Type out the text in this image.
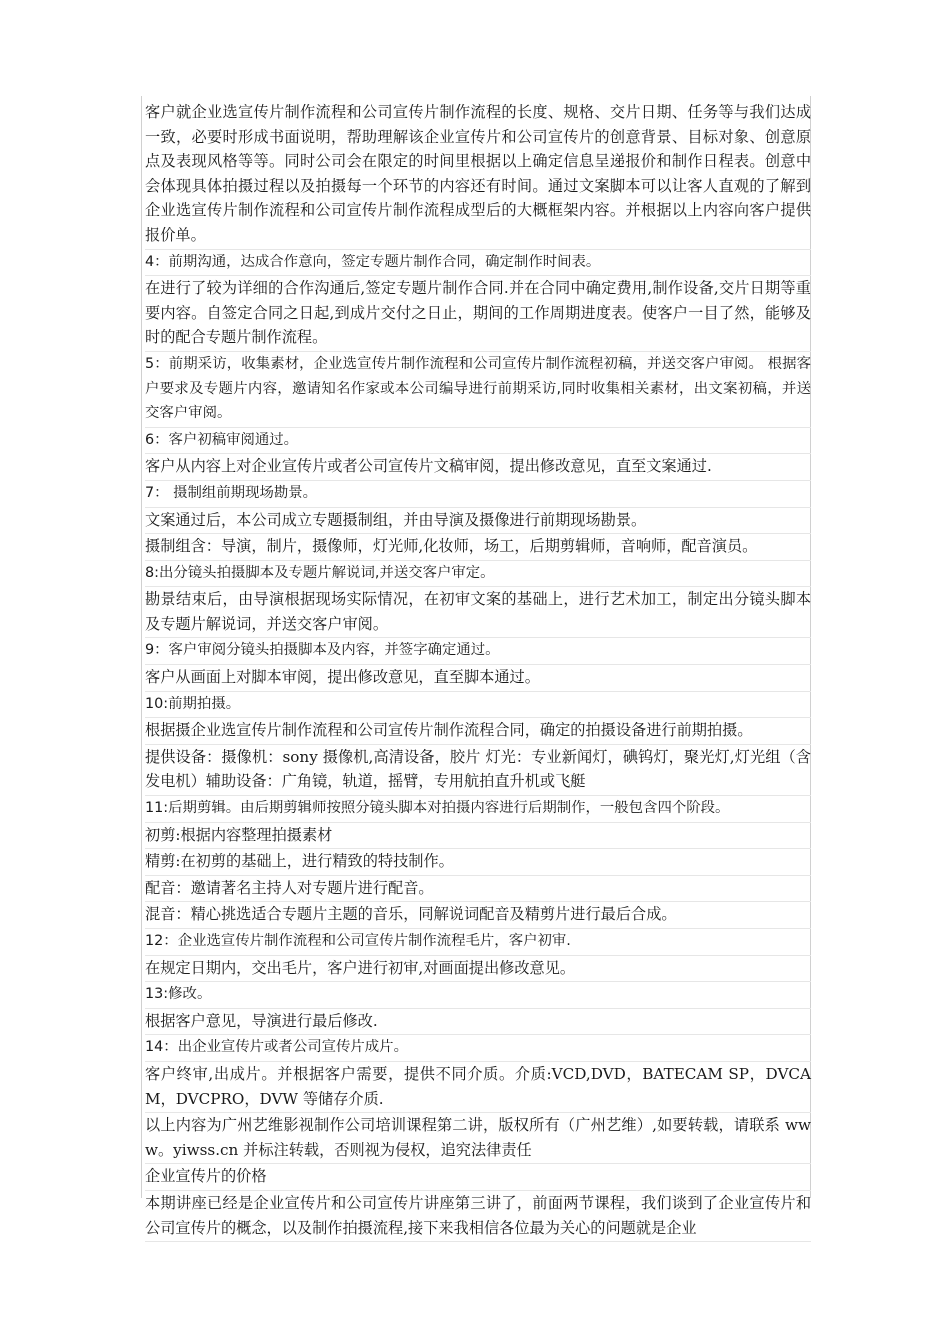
客户就企业选宣传片制作流程和公司宣传片制作流程的长度、规格、交片日期、任务等与我们达成一致，必要时形成书面说明，帮助理解该企业宣传片和公司宣传片的创意背景、目标对象、创意原点及表现风格等等。同时公司会在限定的时间里根据以上确定信息呈递报价和制作日程表。创意中会体现具体拍摄过程以及拍摄每一个环节的内容还有时间。通过文案脚本可以让客人直观的了解到企业选宣传片制作流程和公司宣传片制作流程成型后的大概框架内容。并根据以上内容向客户提供报价单。

4：前期沟通，达成合作意向，签定专题片制作合同，确定制作时间表。

在进行了较为详细的合作沟通后,签定专题片制作合同.并在合同中确定费用,制作设备,交片日期等重要内容。自签定合同之日起,到成片交付之日止，期间的工作周期进度表。使客户一目了然，能够及时的配合专题片制作流程。

5：前期采访，收集素材，企业选宣传片制作流程和公司宣传片制作流程初稿，并送交客户审阅。 根据客户要求及专题片内容，邀请知名作家或本公司编导进行前期采访,同时收集相关素材，出文案初稿，并送交客户审阅。

6：客户初稿审阅通过。

客户从内容上对企业宣传片或者公司宣传片文稿审阅，提出修改意见，直至文案通过.

7： 摄制组前期现场勘景。

文案通过后，本公司成立专题摄制组，并由导演及摄像进行前期现场勘景。

摄制组含：导演，制片，摄像师，灯光师,化妆师，场工，后期剪辑师，音响师，配音演员。

8:出分镜头拍摄脚本及专题片解说词,并送交客户审定。

勘景结束后，由导演根据现场实际情况，在初审文案的基础上，进行艺术加工，制定出分镜头脚本及专题片解说词，并送交客户审阅。

9：客户审阅分镜头拍摄脚本及内容，并签字确定通过。

客户从画面上对脚本审阅，提出修改意见，直至脚本通过。

10:前期拍摄。

根据摄企业选宣传片制作流程和公司宣传片制作流程合同，确定的拍摄设备进行前期拍摄。

提供设备：摄像机：sony 摄像机,高清设备，胶片 灯光：专业新闻灯，碘钨灯，聚光灯,灯光组（含发电机）辅助设备：广角镜，轨道，摇臂，专用航拍直升机或飞艇

11:后期剪辑。由后期剪辑师按照分镜头脚本对拍摄内容进行后期制作，一般包含四个阶段。

初剪:根据内容整理拍摄素材

精剪:在初剪的基础上，进行精致的特技制作。

配音：邀请著名主持人对专题片进行配音。

混音：精心挑选适合专题片主题的音乐，同解说词配音及精剪片进行最后合成。

12：企业选宣传片制作流程和公司宣传片制作流程毛片，客户初审.

在规定日期内，交出毛片，客户进行初审,对画面提出修改意见。

13:修改。

根据客户意见，导演进行最后修改.

14：出企业宣传片或者公司宣传片成片。

客户终审,出成片。并根据客户需要，提供不同介质。介质:VCD,DVD，BATECAM SP，DVCAM，DVCPRO，DVW 等储存介质.

以上内容为广州艺维影视制作公司培训课程第二讲，版权所有（广州艺维）,如要转载，请联系 www。yiwss.cn 并标注转载，否则视为侵权，追究法律责任

企业宣传片的价格

本期讲座已经是企业宣传片和公司宣传片讲座第三讲了，前面两节课程，我们谈到了企业宣传片和公司宣传片的概念，以及制作拍摄流程,接下来我相信各位最为关心的问题就是企业
